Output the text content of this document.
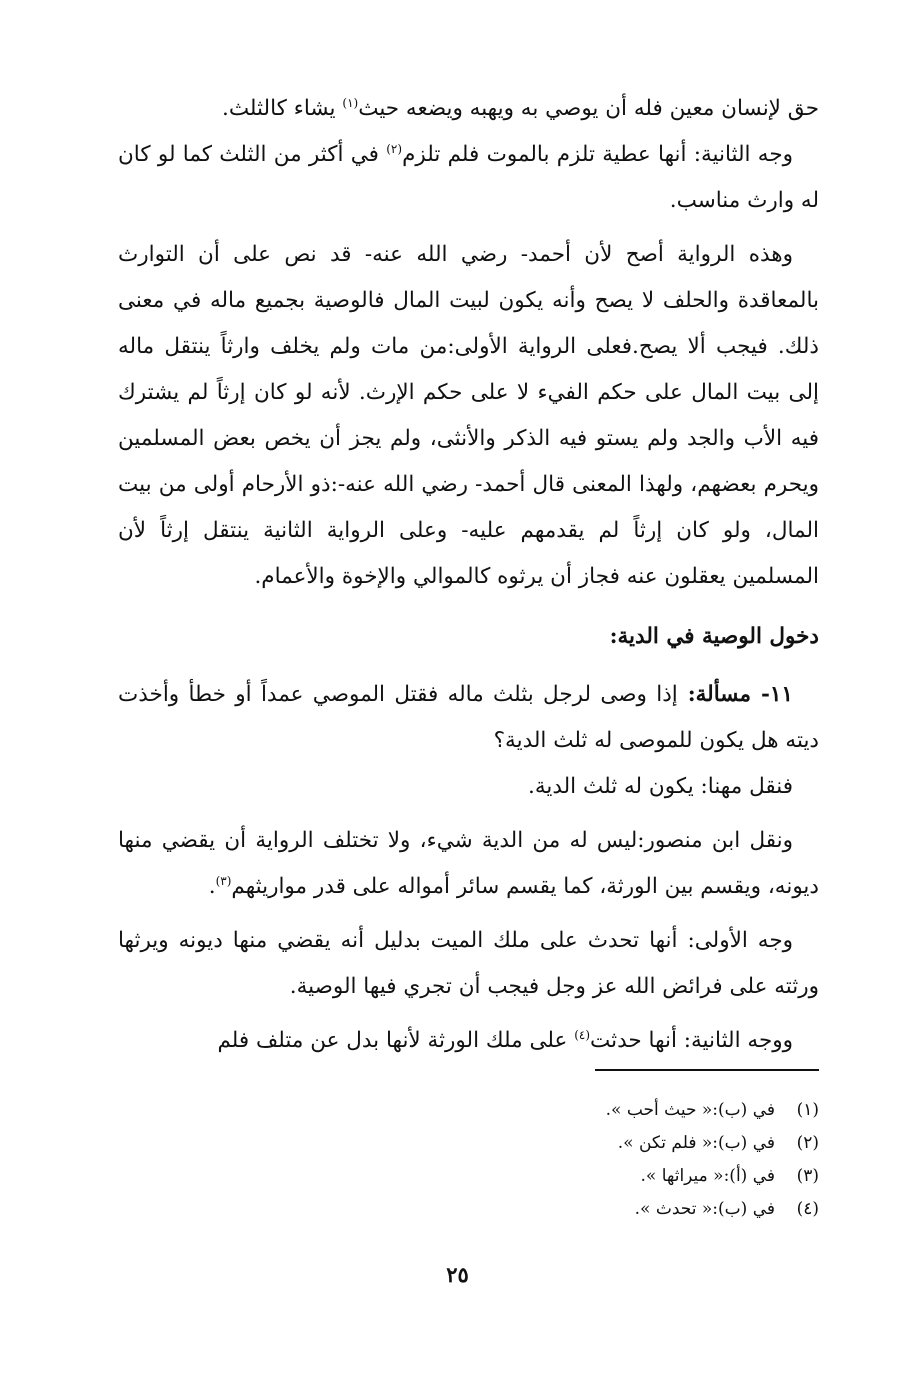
حق لإنسان معين فله أن يوصي به ويهبه ويضعه حيث$^{(١)}$ يشاء كالثلث.

وجه الثانية: أنها عطية تلزم بالموت فلم تلزم$^{(٢)}$ في أكثر من الثلث كما لو كان له وارث مناسب.

وهذه الرواية أصح لأن أحمد- رضي الله عنه- قد نص على أن التوارث بالمعاقدة والحلف لا يصح وأنه يكون لبيت المال فالوصية بجميع ماله في معنى ذلك. فيجب ألا يصح.فعلى الرواية الأولى:من مات ولم يخلف وارثاً ينتقل ماله إلى بيت المال على حكم الفيء لا على حكم الإرث. لأنه لو كان إرثاً لم يشترك فيه الأب والجد ولم يستو فيه الذكر والأنثى، ولم يجز أن يخص بعض المسلمين ويحرم بعضهم، ولهذا المعنى قال أحمد- رضي الله عنه-:ذو الأرحام أولى من بيت المال، ولو كان إرثاً لم يقدمهم عليه- وعلى الرواية الثانية ينتقل إرثاً لأن المسلمين يعقلون عنه فجاز أن يرثوه كالموالي والإخوة والأعمام.

دخول الوصية في الدية:

١١- مسألة: إذا وصى لرجل بثلث ماله فقتل الموصي عمداً أو خطأ وأخذت ديته هل يكون للموصى له ثلث الدية؟

فنقل مهنا: يكون له ثلث الدية.

ونقل ابن منصور:ليس له من الدية شيء، ولا تختلف الرواية أن يقضي منها ديونه، ويقسم بين الورثة، كما يقسم سائر أمواله على قدر مواريثهم$^{(٣)}$.

وجه الأولى: أنها تحدث على ملك الميت بدليل أنه يقضي منها ديونه ويرثها ورثته على فرائض الله عز وجل فيجب أن تجري فيها الوصية.

ووجه الثانية: أنها حدثت$^{(٤)}$ على ملك الورثة لأنها بدل عن متلف فلم

(١)في (ب):« حيث أحب ».
(٢)في (ب):« فلم تكن ».
(٣)في (أ):« ميراثها ».
(٤)في (ب):« تحدث ».
٢٥
